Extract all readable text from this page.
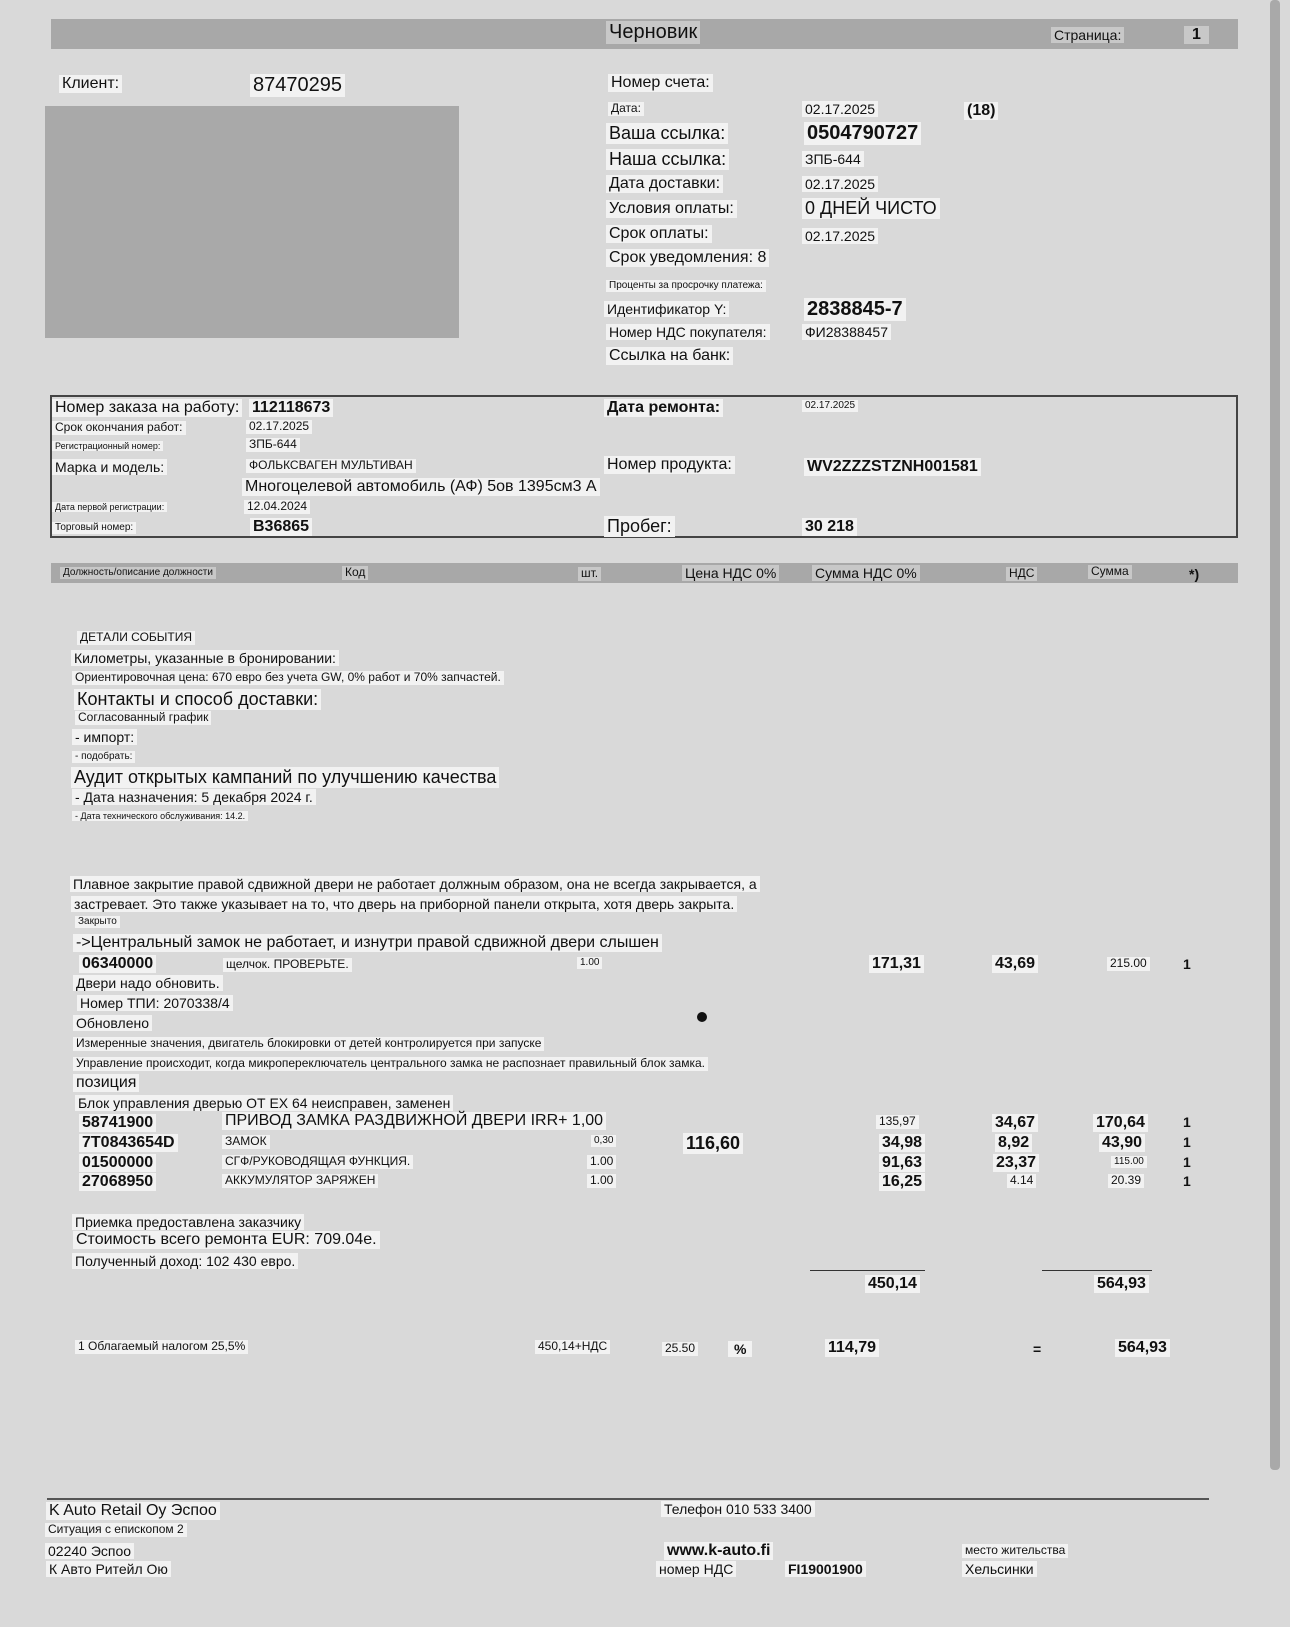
Черновик	Страница:	1
Клиент:	87470295	Номер счета:
Дата:	02.17.2025	(18)
Ваша ссылка:	0504790727
Наша ссылка:	ЗПБ-644
Дата доставки:	02.17.2025
Условия оплаты:	0 ДНЕЙ ЧИСТО
Срок оплаты:	02.17.2025
Срок уведомления: 8
Проценты за просрочку платежа:
Идентификатор Y:	2838845-7
Номер НДС покупателя:	ФИ28388457
Ссылка на банк:
Номер заказа на работу: 112118673	Дата ремонта:	02.17.2025
Срок окончания работ:	02.17.2025
Регистрационный номер:	ЗПБ-644
Марка и модель:	ФОЛЬКСВАГЕН МУЛЬТИВАН
Многоцелевой автомобиль (АФ) 5ов 1395см3 А
Номер продукта:	WV2ZZZSTZNH001581
Дата первой регистрации:	12.04.2024
Торговый номер:	B36865	Пробег:	30 218
Должность/описание должности	Код	шт.	Цена НДС 0%	Сумма НДС 0%	НДС	Сумма	*)
ДЕТАЛИ СОБЫТИЯ
Километры, указанные в бронировании:
Ориентировочная цена: 670 евро без учета GW, 0% работ и 70% запчастей.
Контакты и способ доставки:
Согласованный график
- импорт:
- подобрать:
Аудит открытых кампаний по улучшению качества
- Дата назначения: 5 декабря 2024 г.
- Дата технического обслуживания: 14.2.
Плавное закрытие правой сдвижной двери не работает должным образом, она не всегда закрывается, а
застревает. Это также указывает на то, что дверь на приборной панели открыта, хотя дверь закрыта.
Закрыто
->Центральный замок не работает, и изнутри правой сдвижной двери слышен
06340000	щелчок. ПРОВЕРЬТЕ.	1.00	171,31	43,69	215.00	1
Двери надо обновить.
Номер ТПИ: 2070338/4
Обновлено
Измеренные значения, двигатель блокировки от детей контролируется при запуске
Управление происходит, когда микропереключатель центрального замка не распознает правильный блок замка.
позиция
Блок управления дверью ОТ ЕХ 64 неисправен, заменен
58741900	ПРИВОД ЗАМКА РАЗДВИЖНОЙ ДВЕРИ IRR+ 1,00	135,97	34,67	170,64	1
7T0843654D	ЗАМОК	0,30	116,60	34,98	8,92	43,90	1
01500000	СГФ/РУКОВОДЯЩАЯ ФУНКЦИЯ.	1.00	91,63	23,37	115.00	1
27068950	АККУМУЛЯТОР ЗАРЯЖЕН	1.00	16,25	4.14	20.39	1
Приемка предоставлена заказчику
Стоимость всего ремонта EUR: 709.04e.
Полученный доход: 102 430 евро.
450,14	564,93
1 Облагаемый налогом 25,5%	450,14+НДС	25.50	%	114,79	=	564,93
K Auto Retail Оу Эспоо
Ситуация с епископом 2
02240 Эспоо
К Авто Ритейл Ою
Телефон 010 533 3400
www.k-auto.fi
номер НДС	FI19001900
место жительства
Хельсинки
